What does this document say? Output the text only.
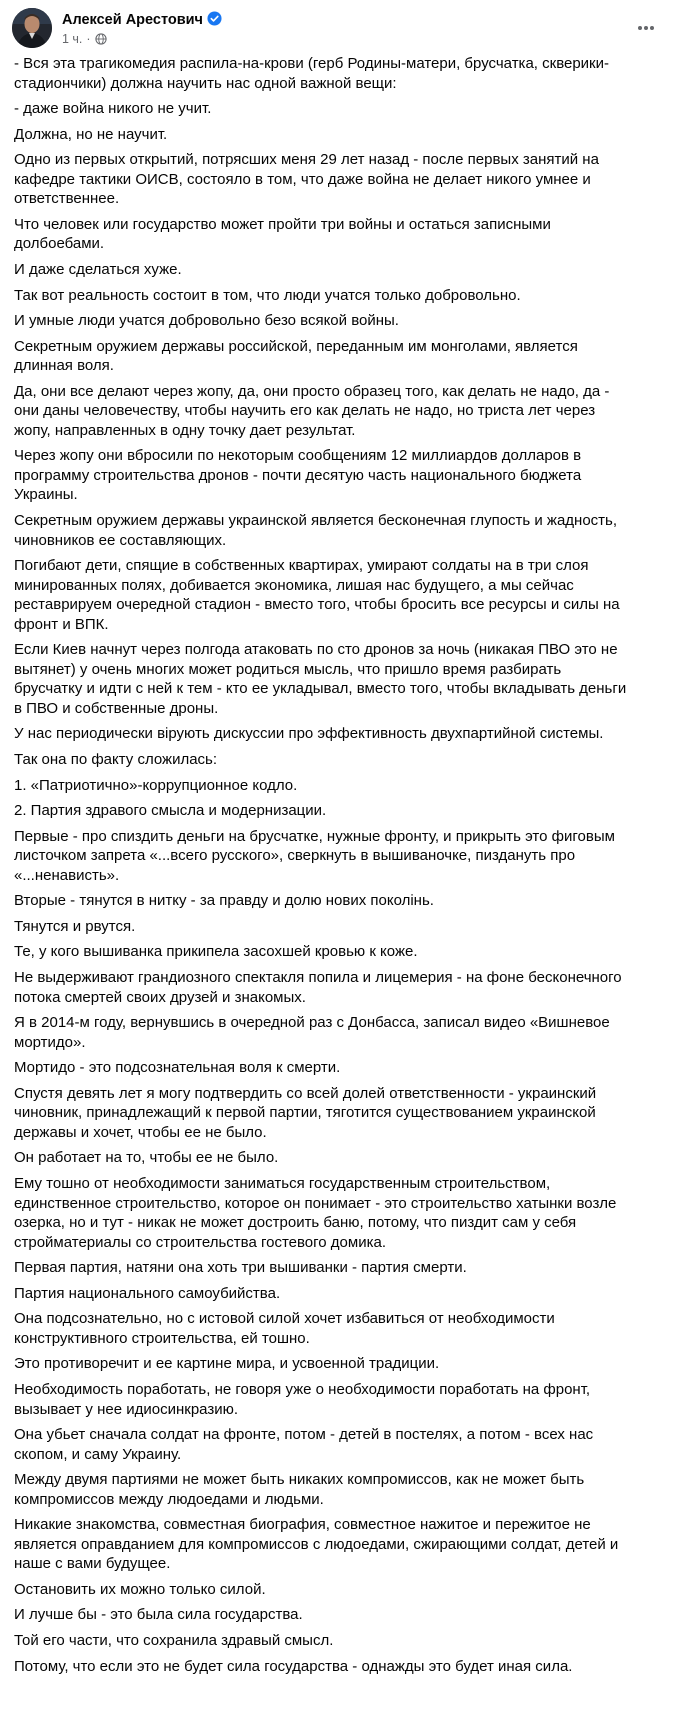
Алексей Арестович
1 ч. ·

- Вся эта трагикомедия распила-на-крови (герб Родины-матери, брусчатка, скверики-стадиончики) должна научить нас одной важной вещи:

- даже война никого не учит.

Должна, но не научит.

Одно из первых открытий, потрясших меня 29 лет назад - после первых занятий на кафедре тактики ОИСВ, состояло в том, что даже война не делает никого умнее и ответственнее.

Что человек или государство может пройти три войны и остаться записными долбоебами.

И даже сделаться хуже.

Так вот реальность состоит в том, что люди учатся только добровольно.

И умные люди учатся добровольно безо всякой войны.

Секретным оружием державы российской, переданным им монголами, является длинная воля.

Да, они все делают через жопу, да, они просто образец того, как делать не надо, да - они даны человечеству, чтобы научить его как делать не надо, но триста лет через жопу, направленных в одну точку дает результат.

Через жопу они вбросили по некоторым сообщениям 12 миллиардов долларов в программу строительства дронов - почти десятую часть национального бюджета Украины.

Секретным оружием державы украинской является бесконечная глупость и жадность, чиновников ее составляющих.

Погибают дети, спящие в собственных квартирах, умирают солдаты на в три слоя минированных полях, добивается экономика, лишая нас будущего, а мы сейчас реставрируем очередной стадион - вместо того, чтобы бросить все ресурсы и силы на фронт и ВПК.

Если Киев начнут через полгода атаковать по сто дронов за ночь (никакая ПВО это не вытянет) у очень многих может родиться мысль, что пришло время разбирать брусчатку и идти с ней к тем - кто ее укладывал, вместо того, чтобы вкладывать деньги в ПВО и собственные дроны.

У нас периодически вірують дискуссии про эффективность двухпартийной системы.

Так она по факту сложилась:

1. «Патриотично»-коррупционное кодло.

2. Партия здравого смысла и модернизации.

Первые - про спиздить деньги на брусчатке, нужные фронту, и прикрыть это фиговым листочком запрета «...всего русского», сверкнуть в вышиваночке, пиздануть про «...ненависть».

Вторые - тянутся в нитку - за правду и долю нових поколінь.

Тянутся и рвутся.

Те, у кого вышиванка прикипела засохшей кровью к коже.

Не выдерживают грандиозного спектакля попила и лицемерия - на фоне бесконечного потока смертей своих друзей и знакомых.

Я в 2014-м году, вернувшись в очередной раз с Донбасса, записал видео «Вишневое мортидо».

Мортидо - это подсознательная воля к смерти.

Спустя девять лет я могу подтвердить со всей долей ответственности - украинский чиновник, принадлежащий к первой партии, тяготится существованием украинской державы и хочет, чтобы ее не было.

Он работает на то, чтобы ее не было.

Ему тошно от необходимости заниматься государственным строительством, единственное строительство, которое он понимает - это строительство хатынки возле озерка, но и тут - никак не может достроить баню, потому, что пиздит сам у себя стройматериалы со строительства гостевого домика.

Первая партия, натяни она хоть три вышиванки - партия смерти.

Партия национального самоубийства.

Она подсознательно, но с истовой силой хочет избавиться от необходимости конструктивного строительства, ей тошно.

Это противоречит и ее картине мира, и усвоенной традиции.

Необходимость поработать, не говоря уже о необходимости поработать на фронт, вызывает у нее идиосинкразию.

Она убьет сначала солдат на фронте, потом - детей в постелях, а потом - всех нас скопом, и саму Украину.

Между двумя партиями не может быть никаких компромиссов, как не может быть компромиссов между людоедами и людьми.

Никакие знакомства, совместная биография, совместное нажитое и пережитое не является оправданием для компромиссов с людоедами, сжирающими солдат, детей и наше с вами будущее.

Остановить их можно только силой.

И лучше бы - это была сила государства.

Той его части, что сохранила здравый смысл.

Потому, что если это не будет сила государства - однажды это будет иная сила.
